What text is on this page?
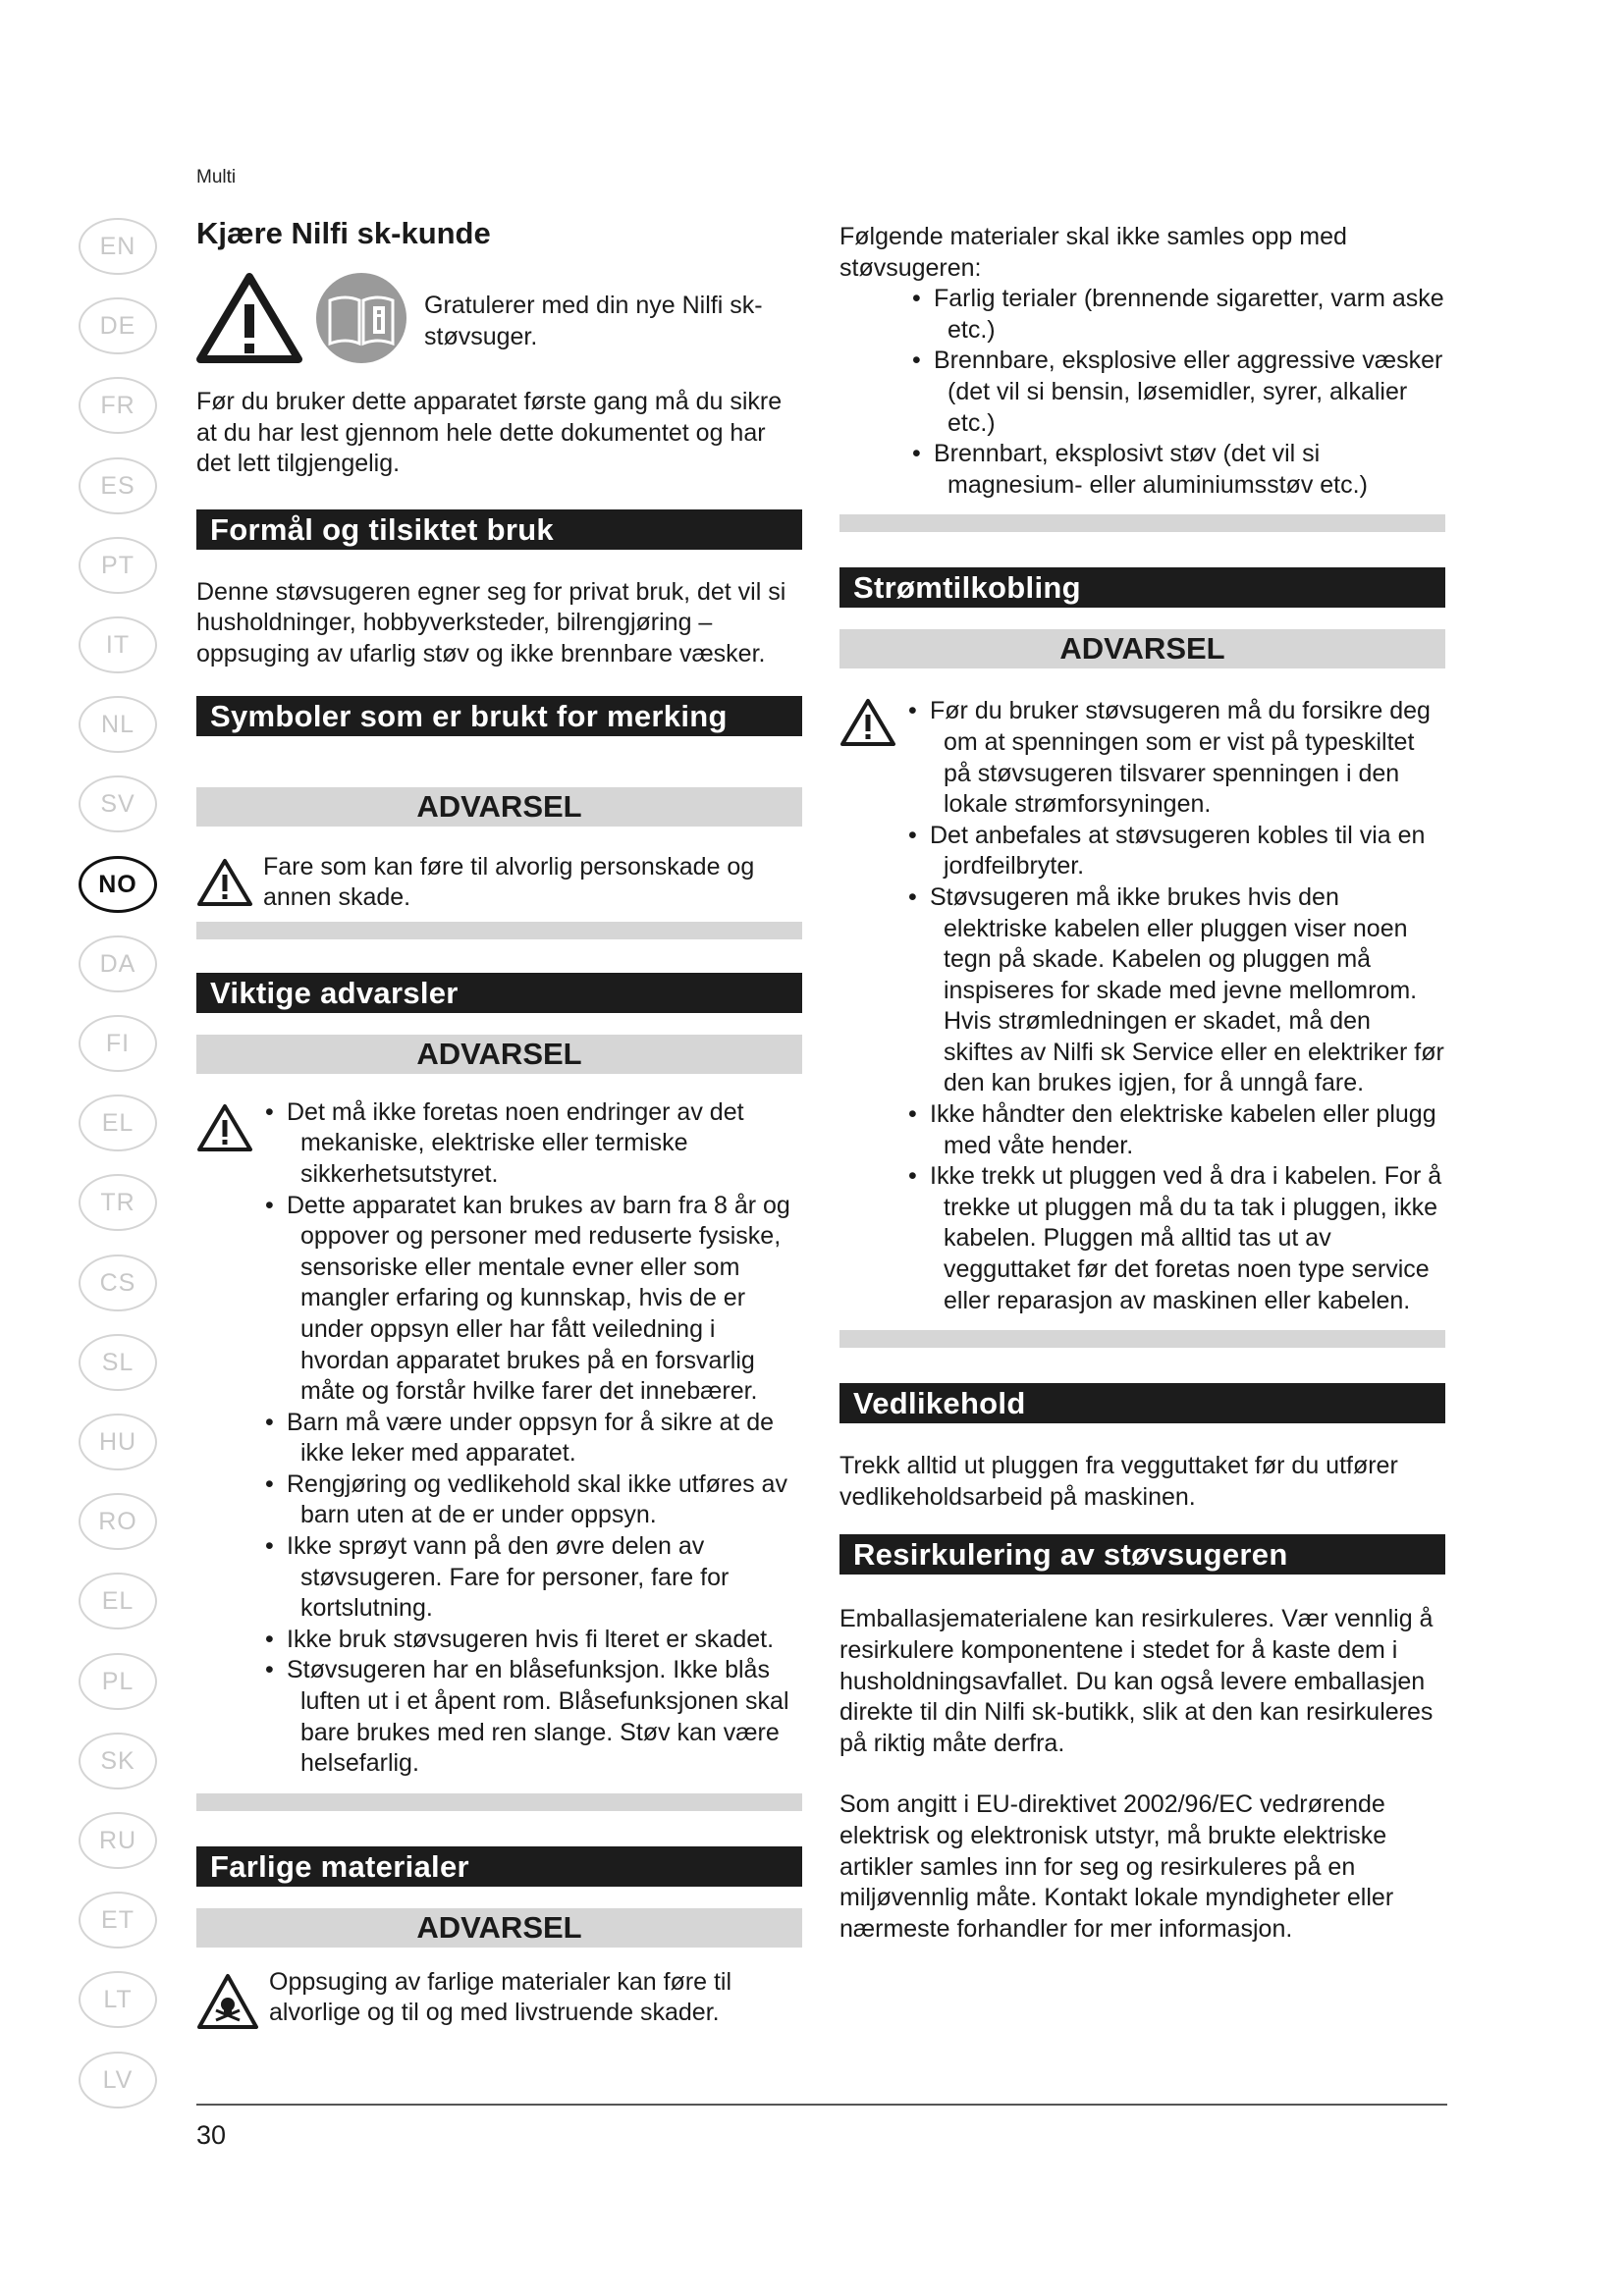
Multi
EN
DE
FR
ES
PT
IT
NL
SV
NO
DA
FI
EL
TR
CS
SL
HU
RO
EL
PL
SK
RU
ET
LT
LV
Kjære Nilfi sk-kunde

Gratulerer med din nye Nilfi sk-støvsuger.

Før du bruker dette apparatet første gang må du sikre at du har lest gjennom hele dette dokumentet og har det lett tilgjengelig.

Formål og tilsiktet bruk

Denne støvsugeren egner seg for privat bruk, det vil si husholdninger, hobbyverksteder, bilrengjøring – oppsuging av ufarlig støv og ikke brennbare væsker.

Symboler som er brukt for merking
ADVARSEL

Fare som kan føre til alvorlig personskade og annen skade.

Viktige advarsler
ADVARSEL
• Det må ikke foretas noen endringer av det mekaniske, elektriske eller termiske sikkerhetsutstyret.
• Dette apparatet kan brukes av barn fra 8 år og oppover og personer med reduserte fysiske, sensoriske eller mentale evner eller som mangler erfaring og kunnskap, hvis de er under oppsyn eller har fått veiledning i hvordan apparatet brukes på en forsvarlig måte og forstår hvilke farer det innebærer.
• Barn må være under oppsyn for å sikre at de ikke leker med apparatet.
• Rengjøring og vedlikehold skal ikke utføres av barn uten at de er under oppsyn.
• Ikke sprøyt vann på den øvre delen av støvsugeren. Fare for personer, fare for kortslutning.
• Ikke bruk støvsugeren hvis fi lteret er skadet.
• Støvsugeren har en blåsefunksjon. Ikke blås luften ut i et åpent rom. Blåsefunksjonen skal bare brukes med ren slange. Støv kan være helsefarlig.
Farlige materialer
ADVARSEL

Oppsuging av farlige materialer kan føre til alvorlige og til og med livstruende skader.

Følgende materialer skal ikke samles opp med støvsugeren:

• Farlig terialer (brennende sigaretter, varm aske etc.)
• Brennbare, eksplosive eller aggressive væsker (det vil si bensin, løsemidler, syrer, alkalier etc.)
• Brennbart, eksplosivt støv (det vil si magnesium- eller aluminiumsstøv etc.)
Strømtilkobling
ADVARSEL
• Før du bruker støvsugeren må du forsikre deg om at spenningen som er vist på typeskiltet på støvsugeren tilsvarer spenningen i den lokale strømforsyningen.
• Det anbefales at støvsugeren kobles til via en jordfeilbryter.
• Støvsugeren må ikke brukes hvis den elektriske kabelen eller pluggen viser noen tegn på skade. Kabelen og pluggen må inspiseres for skade med jevne mellomrom. Hvis strømledningen er skadet, må den skiftes av Nilfi sk Service eller en elektriker før den kan brukes igjen, for å unngå fare.
• Ikke håndter den elektriske kabelen eller plugg med våte hender.
• Ikke trekk ut pluggen ved å dra i kabelen. For å trekke ut pluggen må du ta tak i pluggen, ikke kabelen. Pluggen må alltid tas ut av vegguttaket før det foretas noen type service eller reparasjon av maskinen eller kabelen.
Vedlikehold

Trekk alltid ut pluggen fra vegguttaket før du utfører vedlikeholdsarbeid på maskinen.

Resirkulering av støvsugeren

Emballasjematerialene kan resirkuleres. Vær vennlig å resirkulere komponentene i stedet for å kaste dem i husholdningsavfallet. Du kan også levere emballasjen direkte til din Nilfi sk-butikk, slik at den kan resirkuleres på riktig måte derfra.

Som angitt i EU-direktivet 2002/96/EC vedrørende elektrisk og elektronisk utstyr, må brukte elektriske artikler samles inn for seg og resirkuleres på en miljøvennlig måte. Kontakt lokale myndigheter eller nærmeste forhandler for mer informasjon.

30
